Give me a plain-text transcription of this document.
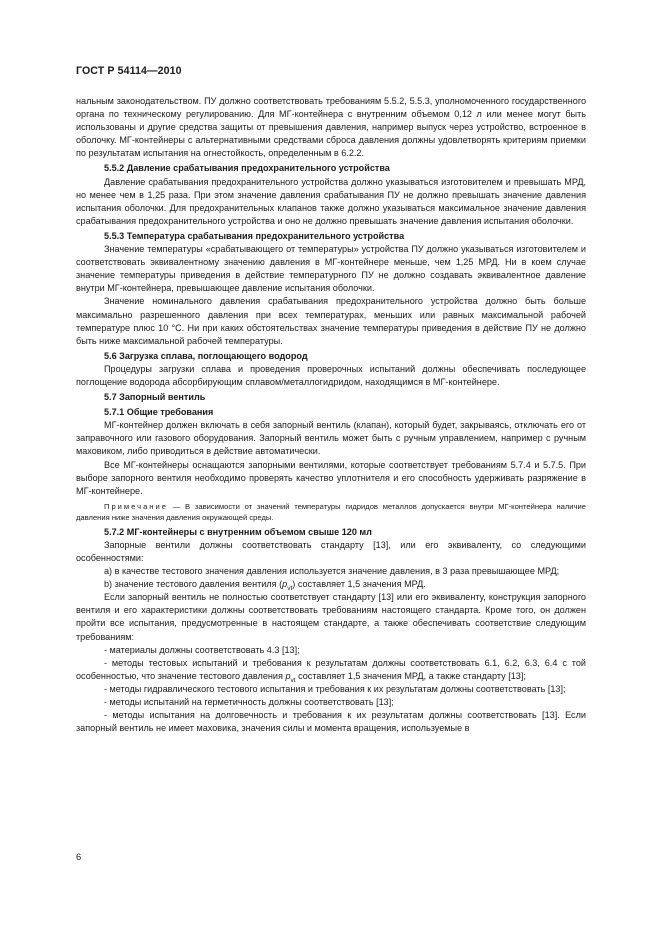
ГОСТ Р 54114—2010

нальным законодательством. ПУ должно соответствовать требованиям 5.5.2, 5.5.3, уполномоченного государственного органа по техническому регулированию. Для МГ-контейнера с внутренним объемом 0,12 л или менее могут быть использованы и другие средства защиты от превышения давления, например выпуск через устройство, встроенное в оболочку. МГ-контейнеры с альтернативными средствами сброса давления должны удовлетворять критериям приемки по результатам испытания на огнестойкость, определенным в 6.2.2.

5.5.2 Давление срабатывания предохранительного устройства

Давление срабатывания предохранительного устройства должно указываться изготовителем и превышать МРД, но менее чем в 1,25 раза. При этом значение давления срабатывания ПУ не должно превышать значение давления испытания оболочки. Для предохранительных клапанов также должно указываться максимальное значение давления срабатывания предохранительного устройства и оно не должно превышать значение давления испытания оболочки.

5.5.3 Температура срабатывания предохранительного устройства

Значение температуры «срабатывающего от температуры» устройства ПУ должно указываться изготовителем и соответствовать эквивалентному значению давления в МГ-контейнере меньше, чем 1,25 МРД. Ни в коем случае значение температуры приведения в действие температурного ПУ не должно создавать эквивалентное давление внутри МГ-контейнера, превышающее давление испытания оболочки.

Значение номинального давления срабатывания предохранительного устройства должно быть больше максимально разрешенного давления при всех температурах, меньших или равных максимальной рабочей температуре плюс 10 °С. Ни при каких обстоятельствах значение температуры приведения в действие ПУ не должно быть ниже максимальной рабочей температуры.

5.6 Загрузка сплава, поглощающего водород

Процедуры загрузки сплава и проведения проверочных испытаний должны обеспечивать последующее поглощение водорода абсорбирующим сплавом/металлогидридом, находящимся в МГ-контейнере.

5.7 Запорный вентиль

5.7.1 Общие требования

МГ-контейнер должен включать в себя запорный вентиль (клапан), который будет, закрываясь, отключать его от заправочного или газового оборудования. Запорный вентиль может быть с ручным управлением, например с ручным маховиком, либо приводиться в действие автоматически.

Все МГ-контейнеры оснащаются запорными вентилями, которые соответствует требованиям 5.7.4 и 5.7.5. При выборе запорного вентиля необходимо проверять качество уплотнителя и его способность удерживать разряжение в МГ-контейнере.

Примечание — В зависимости от значений температуры гидридов металлов допускается внутри МГ-контейнера наличие давления ниже значения давления окружающей среды.

5.7.2 МГ-контейнеры с внутренним объемом свыше 120 мл

Запорные вентили должны соответствовать стандарту [13], или его эквиваленту, со следующими особенностями:

а) в качестве тестового значения давления используется значение давления, в 3 раза превышающее МРД;

b) значение тестового давления вентиля $(p_{vt})$ составляет 1,5 значения МРД.

Если запорный вентиль не полностью соответствует стандарту [13] или его эквиваленту, конструкция запорного вентиля и его характеристики должны соответствовать требованиям настоящего стандарта. Кроме того, он должен пройти все испытания, предусмотренные в настоящем стандарте, а также обеспечивать соответствие следующим требованиям:

- материалы должны соответствовать 4.3 [13];

- методы тестовых испытаний и требования к результатам должны соответствовать 6.1, 6.2, 6.3, 6.4 с той особенностью, что значение тестового давления $p_{vt}$ составляет 1,5 значения МРД, а также стандарту [13];

- методы гидравлического тестового испытания и требования к их результатам должны соответствовать [13];

- методы испытаний на герметичность должны соответствовать [13];

- методы испытания на долговечность и требования к их результатам должны соответствовать [13]. Если запорный вентиль не имеет маховика, значения силы и момента вращения, используемые в

6
